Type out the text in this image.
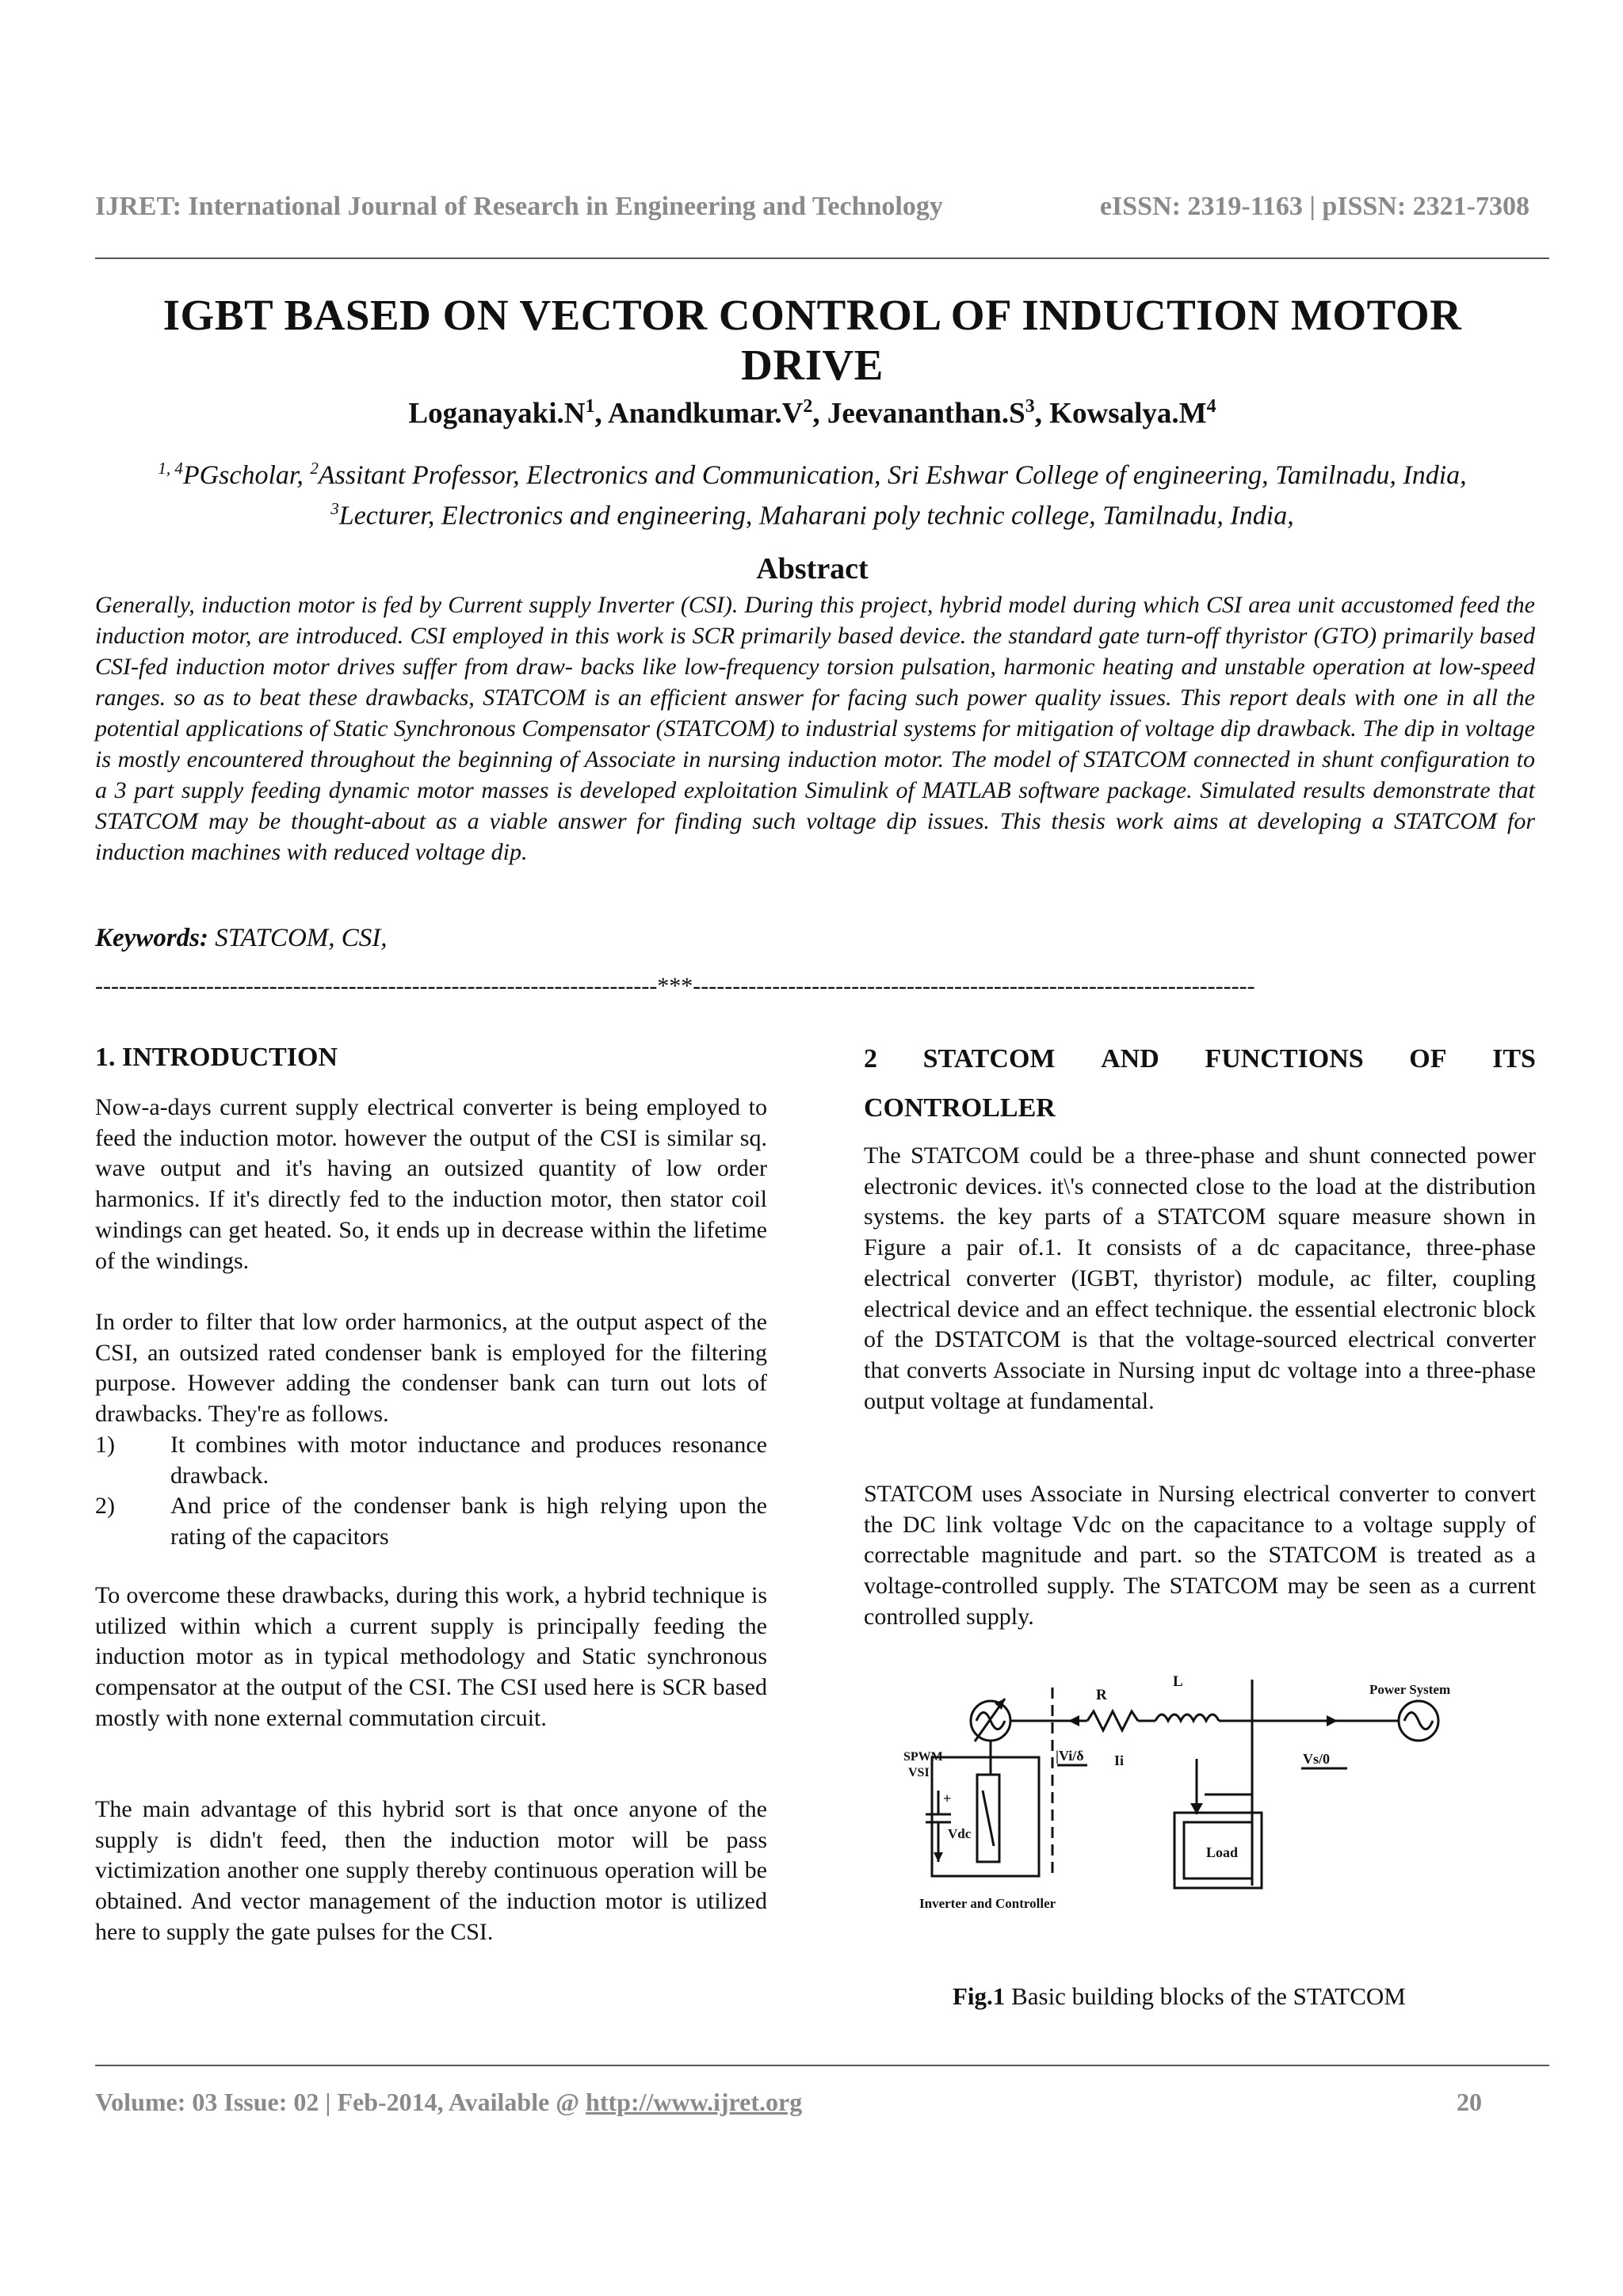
IJRET: International Journal of Research in Engineering and Technology	eISSN: 2319-1163 | pISSN: 2321-7308
IGBT BASED ON VECTOR CONTROL OF INDUCTION MOTOR DRIVE
$Loganayaki.N^1$, $Anandkumar.V^2$, $Jeevananthan.S^3$, $Kowsalya.M^4$
$^{1, 4}$PGscholar, $^2$Assitant Professor, Electronics and Communication, Sri Eshwar College of engineering, Tamilnadu, India,
$^3$Lecturer, Electronics and engineering, Maharani poly technic college, Tamilnadu, India,
Abstract
Generally, induction motor is fed by Current supply Inverter (CSI). During this project, hybrid model during which CSI area unit accustomed feed the induction motor, are introduced. CSI employed in this work is SCR primarily based device. the standard gate turn-off thyristor (GTO) primarily based CSI-fed induction motor drives suffer from draw- backs like low-frequency torsion pulsation, harmonic heating and unstable operation at low-speed ranges. so as to beat these drawbacks, STATCOM is an efficient answer for facing such power quality issues. This report deals with one in all the potential applications of Static Synchronous Compensator (STATCOM) to industrial systems for mitigation of voltage dip drawback. The dip in voltage is mostly encountered throughout the beginning of Associate in nursing induction motor. The model of STATCOM connected in shunt configuration to a 3 part supply feeding dynamic motor masses is developed exploitation Simulink of MATLAB software package. Simulated results demonstrate that STATCOM may be thought-about as a viable answer for finding such voltage dip issues. This thesis work aims at developing a STATCOM for induction machines with reduced voltage dip.
Keywords: STATCOM, CSI,
-----------------------------------------------------------------------***-----------------------------------------------------------------------
1. INTRODUCTION
Now-a-days current supply electrical converter is being employed to feed the induction motor. however the output of the CSI is similar sq. wave output and it's having an outsized quantity of low order harmonics. If it's directly fed to the induction motor, then stator coil windings can get heated. So, it ends up in decrease within the lifetime of the windings.
In order to filter that low order harmonics, at the output aspect of the CSI, an outsized rated condenser bank is employed for the filtering purpose. However adding the condenser bank can turn out lots of drawbacks. They're as follows.
1)	It combines with motor inductance and produces resonance drawback.
2)	And price of the condenser bank is high relying upon the rating of the capacitors
To overcome these drawbacks, during this work, a hybrid technique is utilized within which a current supply is principally feeding the induction motor as in typical methodology and Static synchronous compensator at the output of the CSI. The CSI used here is SCR based mostly with none external commutation circuit.
The main advantage of this hybrid sort is that once anyone of the supply is didn't feed, then the induction motor will be pass victimization another one supply thereby continuous operation will be obtained. And vector management of the induction motor is utilized here to supply the gate pulses for the CSI.
2 STATCOM AND FUNCTIONS OF ITS
CONTROLLER
The STATCOM could be a three-phase and shunt connected power electronic devices. it\'s connected close to the load at the distribution systems. the key parts of a STATCOM square measure shown in Figure a pair of.1. It consists of a dc capacitance, three-phase electrical converter (IGBT, thyristor) module, ac filter, coupling electrical device and an effect technique. the essential electronic block of the DSTATCOM is that the voltage-sourced electrical converter that converts Associate in Nursing input dc voltage into a three-phase output voltage at fundamental.
STATCOM uses Associate in Nursing electrical converter to convert the DC link voltage Vdc on the capacitance to a voltage supply of correctable magnitude and part. so the STATCOM is treated as a voltage-controlled supply. The STATCOM may be seen as a current controlled supply.
R
L
SPWM
VSI
|Vi/δ Ii
Vdc
+
Vs/0
Load
Power System
Inverter and Controller
Fig.1 Basic building blocks of the STATCOM
Volume: 03 Issue: 02 | Feb-2014, Available @ http://www.ijret.org	20
